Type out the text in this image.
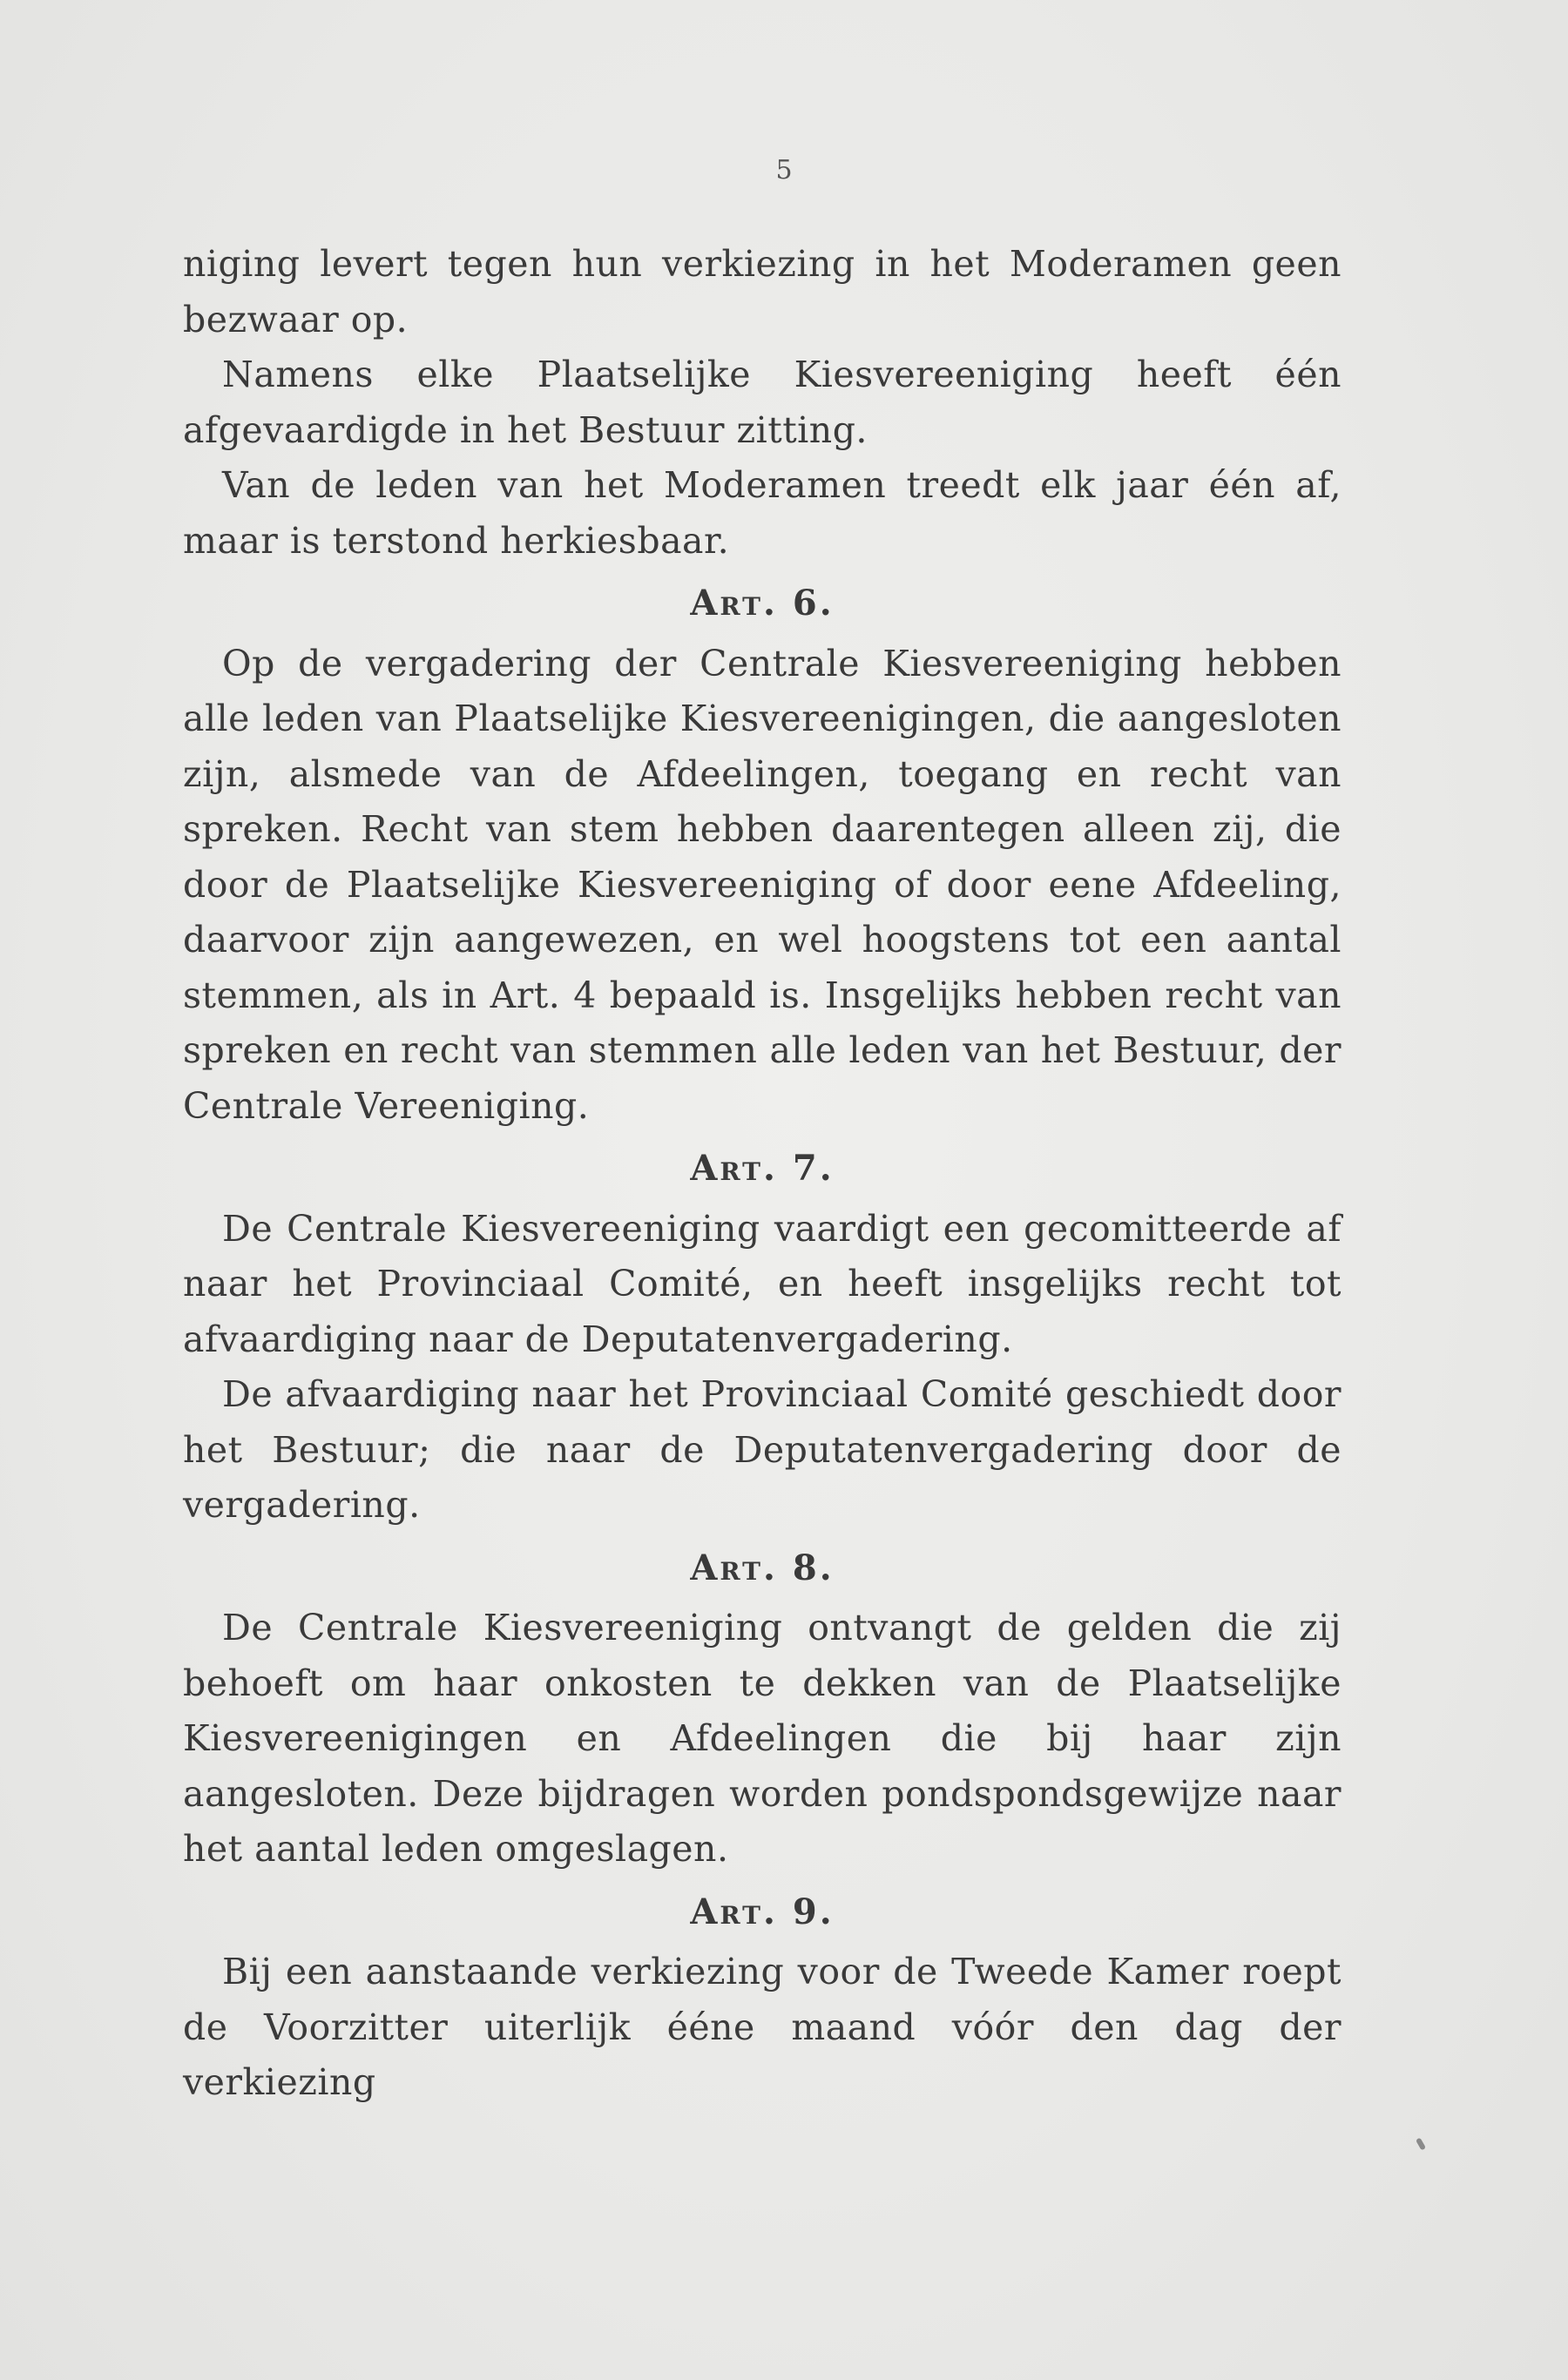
5

niging levert tegen hun verkiezing in het Moderamen geen bezwaar op.

Namens elke Plaatselijke Kiesvereeniging heeft één afgevaardigde in het Bestuur zitting.

Van de leden van het Moderamen treedt elk jaar één af, maar is terstond herkiesbaar.

Art. 6.

Op de vergadering der Centrale Kiesvereeniging hebben alle leden van Plaatselijke Kiesvereenigingen, die aangesloten zijn, alsmede van de Afdeelingen, toegang en recht van spreken. Recht van stem hebben daarentegen alleen zij, die door de Plaatselijke Kiesvereeniging of door eene Afdeeling, daarvoor zijn aangewezen, en wel hoogstens tot een aantal stemmen, als in Art. 4 bepaald is. Insgelijks hebben recht van spreken en recht van stemmen alle leden van het Bestuur, der Centrale Vereeniging.

Art. 7.

De Centrale Kiesvereeniging vaardigt een gecomitteerde af naar het Provinciaal Comité, en heeft insgelijks recht tot afvaardiging naar de Deputatenvergadering.

De afvaardiging naar het Provinciaal Comité geschiedt door het Bestuur; die naar de Deputatenvergadering door de vergadering.

Art. 8.

De Centrale Kiesvereeniging ontvangt de gelden die zij behoeft om haar onkosten te dekken van de Plaatselijke Kiesvereenigingen en Afdeelingen die bij haar zijn aangesloten. Deze bijdragen worden pondspondsgewijze naar het aantal leden omgeslagen.

Art. 9.

Bij een aanstaande verkiezing voor de Tweede Kamer roept de Voorzitter uiterlijk éénе maand vóór den dag der verkiezing
